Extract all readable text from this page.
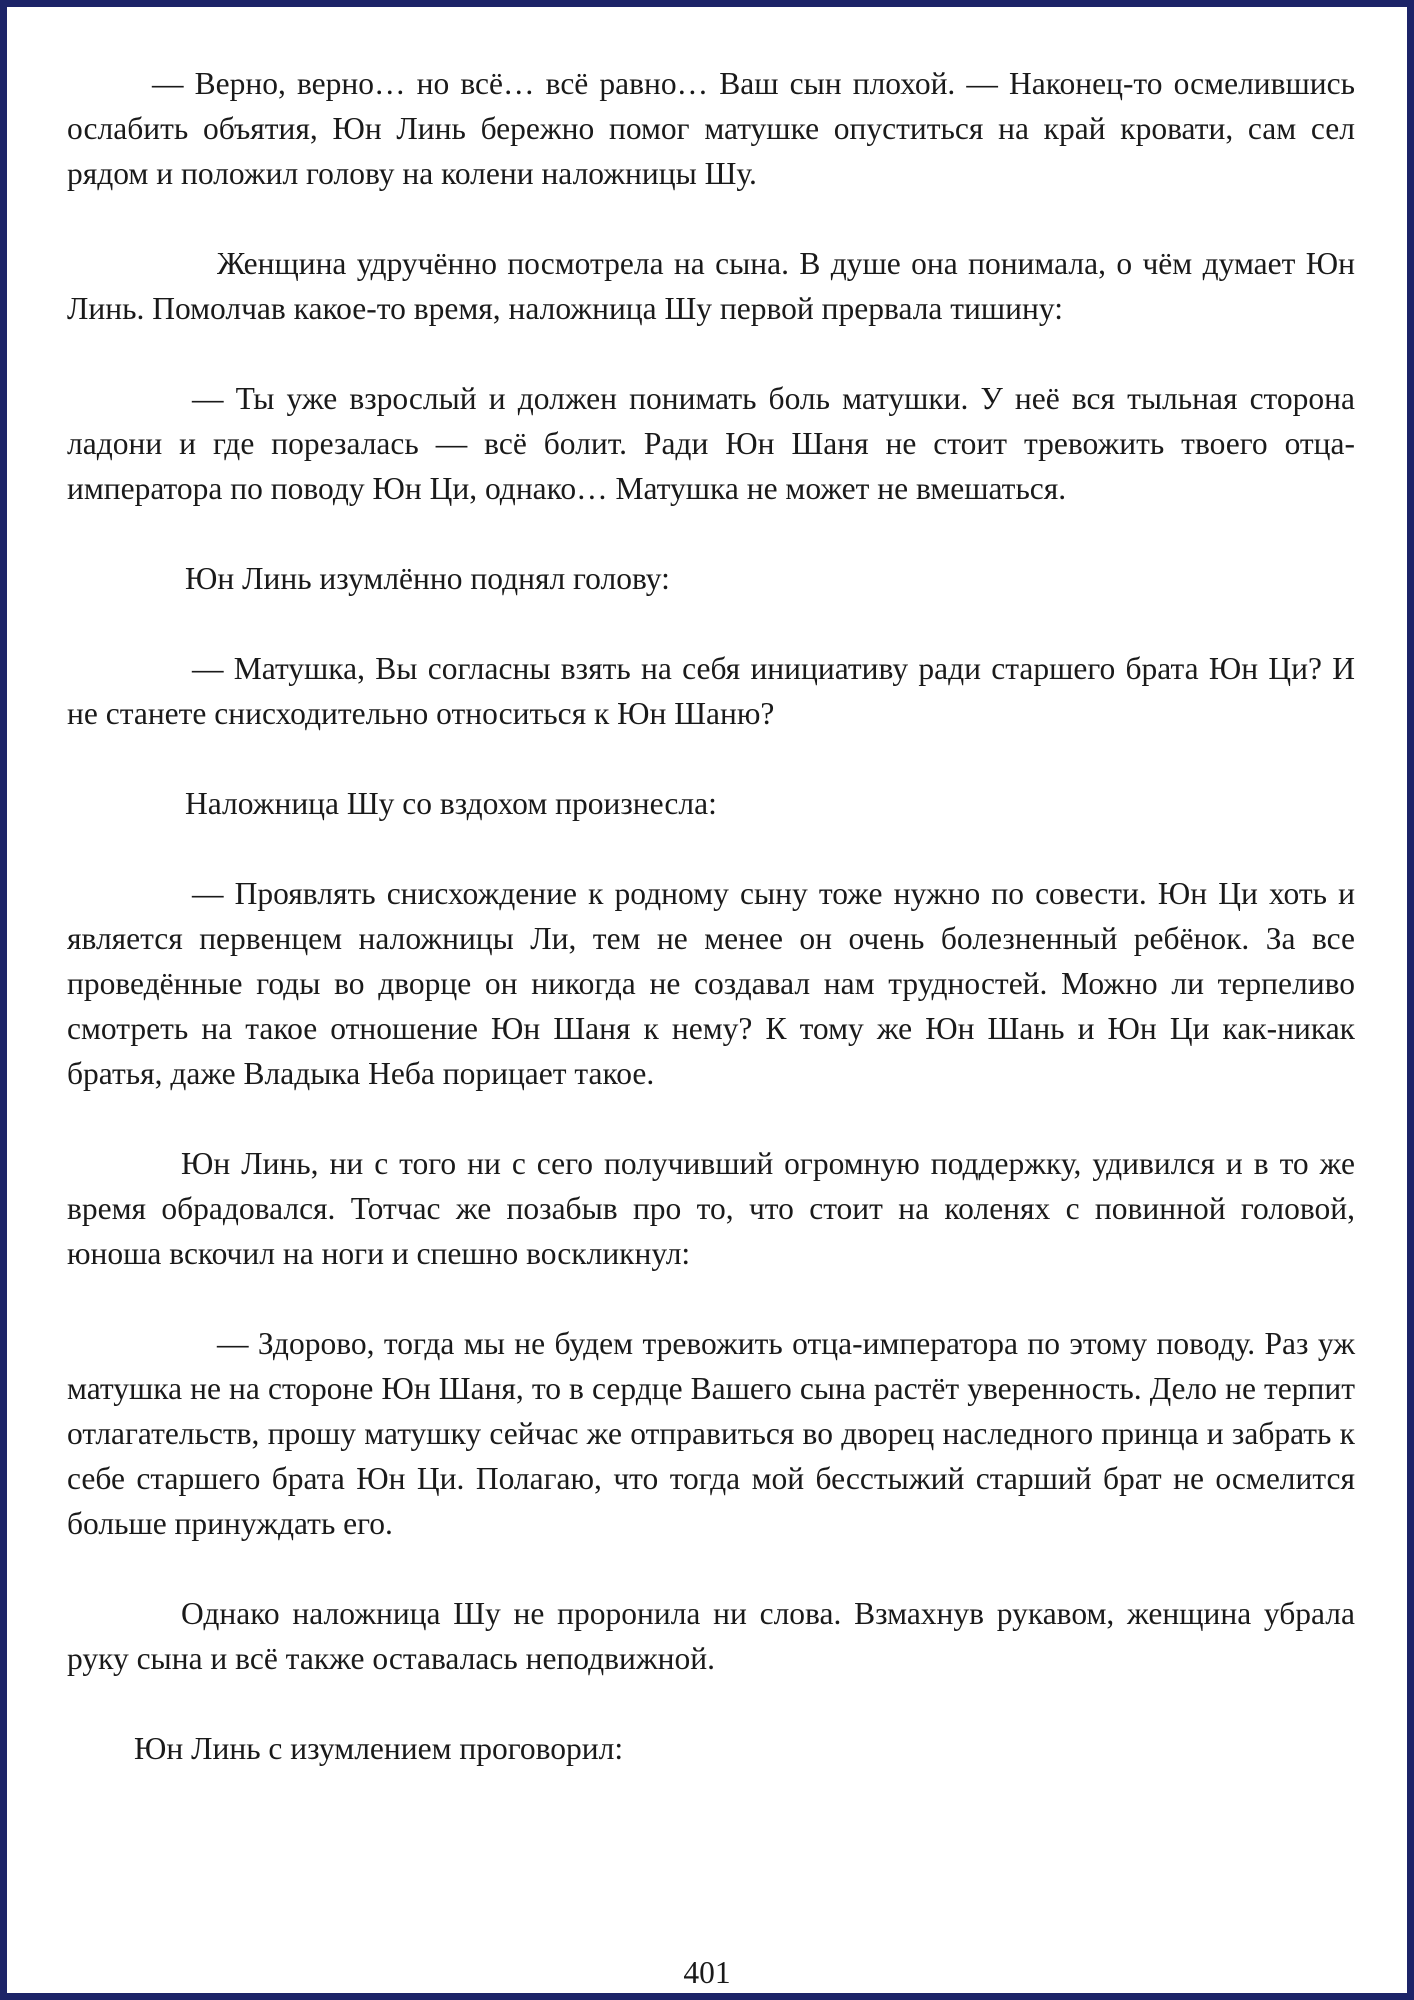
— Верно, верно… но всё… всё равно… Ваш сын плохой. — Наконец-то осмелившись ослабить объятия, Юн Линь бережно помог матушке опуститься на край кровати, сам сел рядом и положил голову на колени наложницы Шу.

Женщина удручённо посмотрела на сына. В душе она понимала, о чём думает Юн Линь. Помолчав какое-то время, наложница Шу первой прервала тишину:

— Ты уже взрослый и должен понимать боль матушки. У неё вся тыльная сторона ладони и где порезалась — всё болит. Ради Юн Шаня не стоит тревожить твоего отца-императора по поводу Юн Ци, однако… Матушка не может не вмешаться.

Юн Линь изумлённо поднял голову:

— Матушка, Вы согласны взять на себя инициативу ради старшего брата Юн Ци? И не станете снисходительно относиться к Юн Шаню?

Наложница Шу со вздохом произнесла:

— Проявлять снисхождение к родному сыну тоже нужно по совести. Юн Ци хоть и является первенцем наложницы Ли, тем не менее он очень болезненный ребёнок. За все проведённые годы во дворце он никогда не создавал нам трудностей. Можно ли терпеливо смотреть на такое отношение Юн Шаня к нему? К тому же Юн Шань и Юн Ци как-никак братья, даже Владыка Неба порицает такое.

Юн Линь, ни с того ни с сего получивший огромную поддержку, удивился и в то же время обрадовался. Тотчас же позабыв про то, что стоит на коленях с повинной головой, юноша вскочил на ноги и спешно воскликнул:

— Здорово, тогда мы не будем тревожить отца-императора по этому поводу. Раз уж матушка не на стороне Юн Шаня, то в сердце Вашего сына растёт уверенность. Дело не терпит отлагательств, прошу матушку сейчас же отправиться во дворец наследного принца и забрать к себе старшего брата Юн Ци. Полагаю, что тогда мой бесстыжий старший брат не осмелится больше принуждать его.

Однако наложница Шу не проронила ни слова. Взмахнув рукавом, женщина убрала руку сына и всё также оставалась неподвижной.

Юн Линь с изумлением проговорил:

401
